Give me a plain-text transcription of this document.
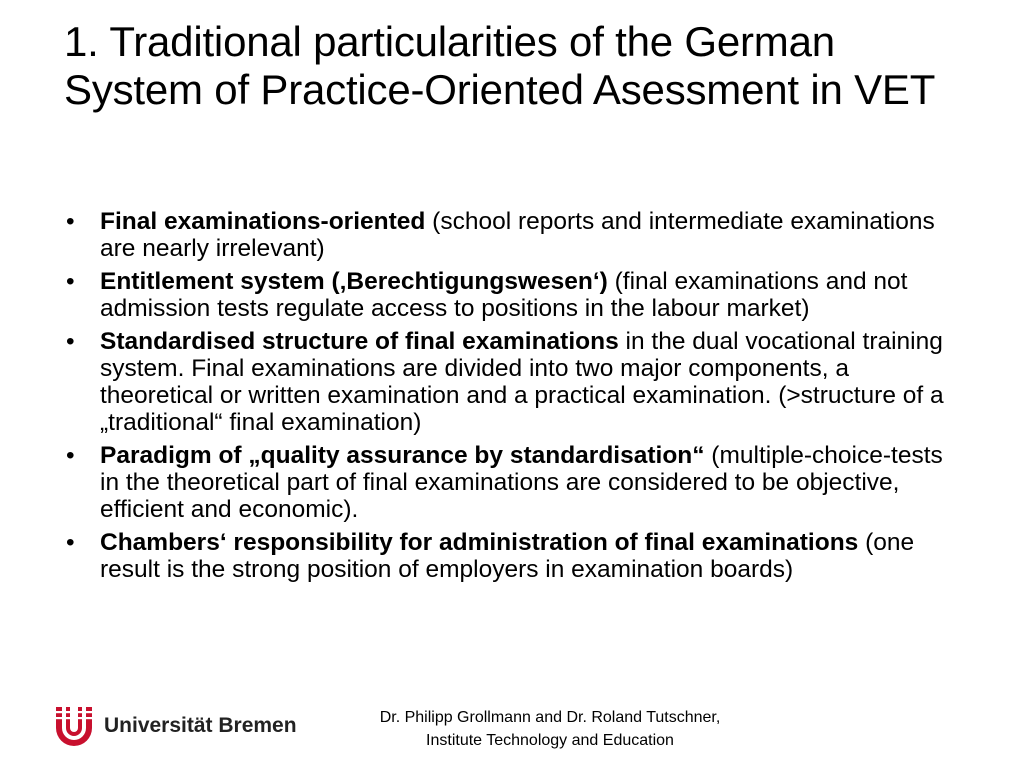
1. Traditional particularities of the German System of Practice-Oriented Asessment in VET
• Final examinations-oriented (school reports and intermediate examinations are nearly irrelevant)
• Entitlement system (‚Berechtigungswesen‘) (final examinations and not admission tests regulate access to positions in the labour market)
• Standardised structure of final examinations in the dual vocational training system. Final examinations are divided into two major components, a theoretical or written examination and a practical examination. (>structure of a „traditional“ final examination)
• Paradigm of „quality assurance by standardisation“ (multiple-choice-tests in the theoretical part of final examinations are considered to be objective, efficient and economic).
• Chambers‘ responsibility for administration of final examinations (one result is the strong position of employers in examination boards)
Universität Bremen	Dr. Philipp Grollmann and Dr. Roland Tutschner,
Institute Technology and Education
